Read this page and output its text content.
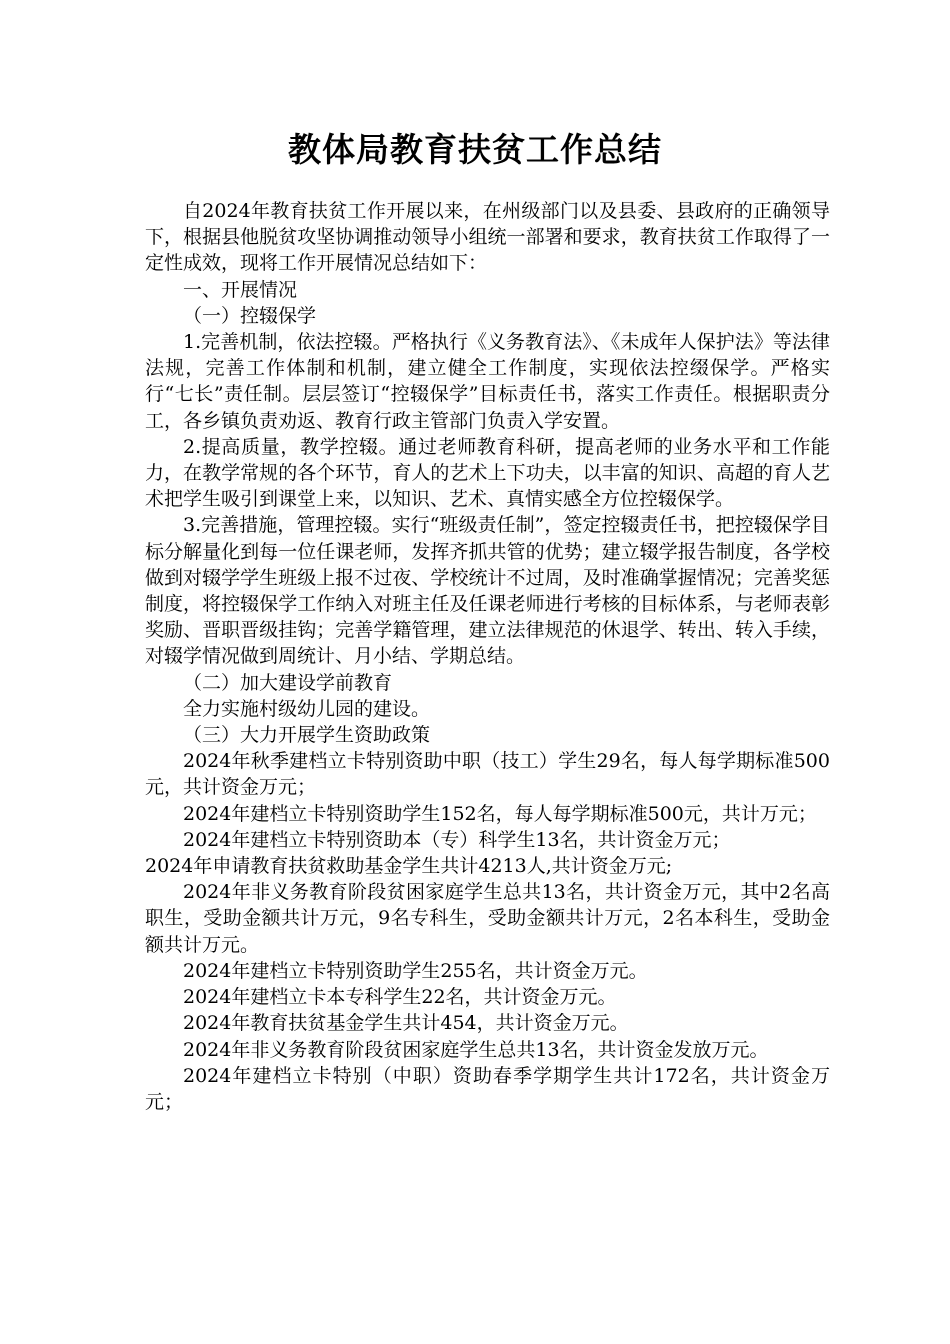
教体局教育扶贫工作总结

自2024年教育扶贫工作开展以来，在州级部门以及县委、县政府的正确领导下，根据县他脱贫攻坚协调推动领导小组统一部署和要求，教育扶贫工作取得了一定性成效，现将工作开展情况总结如下：

一、开展情况

（一）控辍保学

1.完善机制，依法控辍。严格执行《义务教育法》、《未成年人保护法》等法律法规，完善工作体制和机制，建立健全工作制度，实现依法控缀保学。严格实行“七长”责任制。层层签订“控辍保学”目标责任书，落实工作责任。根据职责分工，各乡镇负责劝返、教育行政主管部门负责入学安置。

2.提高质量，教学控辍。通过老师教育科研，提高老师的业务水平和工作能力，在教学常规的各个环节，育人的艺术上下功夫，以丰富的知识、高超的育人艺术把学生吸引到课堂上来，以知识、艺术、真情实感全方位控辍保学。

3.完善措施，管理控辍。实行“班级责任制”，签定控辍责任书，把控辍保学目标分解量化到每一位任课老师，发挥齐抓共管的优势；建立辍学报告制度，各学校做到对辍学学生班级上报不过夜、学校统计不过周，及时准确掌握情况；完善奖惩制度，将控辍保学工作纳入对班主任及任课老师进行考核的目标体系，与老师表彰奖励、晋职晋级挂钩；完善学籍管理，建立法律规范的休退学、转出、转入手续，对辍学情况做到周统计、月小结、学期总结。

（二）加大建设学前教育

全力实施村级幼儿园的建设。

（三）大力开展学生资助政策

2024年秋季建档立卡特别资助中职（技工）学生29名，每人每学期标准500元，共计资金万元；

2024年建档立卡特别资助学生152名，每人每学期标准500元，共计万元；

2024年建档立卡特别资助本（专）科学生13名，共计资金万元；

2024年申请教育扶贫救助基金学生共计4213人,共计资金万元;

2024年非义务教育阶段贫困家庭学生总共13名，共计资金万元，其中2名高职生，受助金额共计万元，9名专科生，受助金额共计万元，2名本科生，受助金额共计万元。

2024年建档立卡特别资助学生255名，共计资金万元。

2024年建档立卡本专科学生22名，共计资金万元。

2024年教育扶贫基金学生共计454，共计资金万元。

2024年非义务教育阶段贫困家庭学生总共13名，共计资金发放万元。

2024年建档立卡特别（中职）资助春季学期学生共计172名，共计资金万元；
